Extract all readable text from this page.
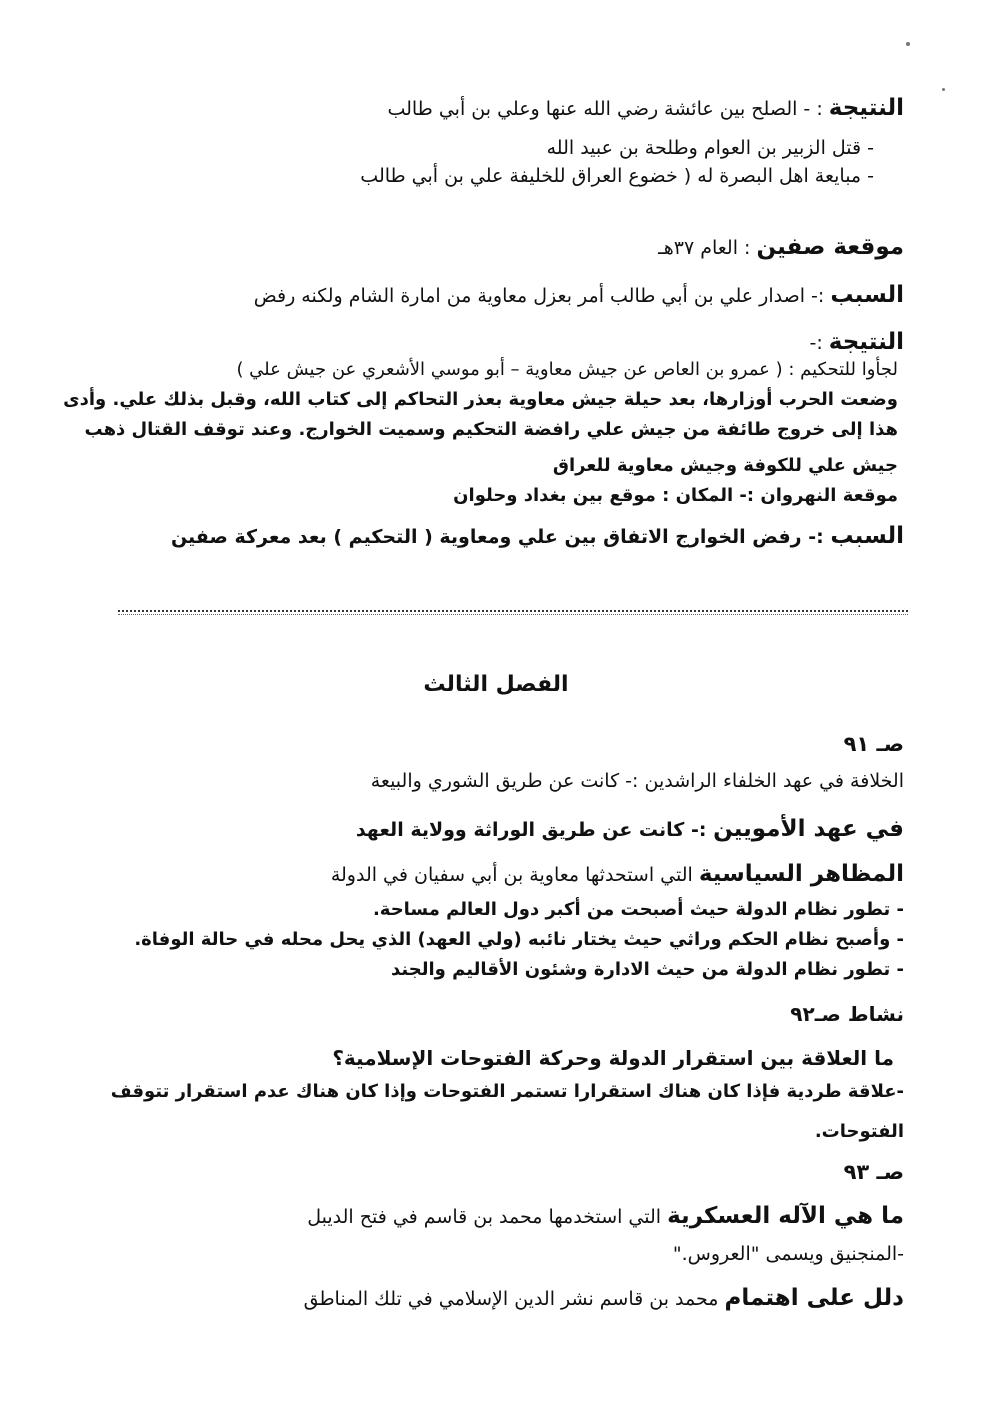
النتيجة : - الصلح بين عائشة رضي الله عنها وعلي بن أبي طالب
- قتل الزبير بن العوام وطلحة بن عبيد الله
- مبايعة اهل البصرة له ( خضوع العراق للخليفة علي بن أبي طالب
موقعة صفين : العام ٣٧هـ
السبب :- اصدار علي بن أبي طالب أمر بعزل معاوية من امارة الشام ولكنه رفض
النتيجة :-
لجأوا للتحكيم : ( عمرو بن العاص عن جيش معاوية – أبو موسي الأشعري عن جيش علي )
وضعت الحرب أوزارها، بعد حيلة جيش معاوية بعذر التحاكم إلى كتاب الله، وقبل بذلك علي. وأدى
هذا إلى خروج طائفة من جيش علي رافضة التحكيم وسميت الخوارج. وعند توقف القتال ذهب
جيش علي للكوفة وجيش معاوية للعراق
موقعة النهروان :- المكان : موقع بين بغداد وحلوان
السبب :- رفض الخوارج الاتفاق بين علي ومعاوية ( التحكيم ) بعد معركة صفين
الفصل الثالث
صـ ٩١
الخلافة في عهد الخلفاء الراشدين :- كانت عن طريق الشوري والبيعة
في عهد الأمويين :- كانت عن طريق الوراثة وولاية العهد
المظاهر السياسية التي استحدثها معاوية بن أبي سفيان في الدولة
- تطور نظام الدولة حيث أصبحت من أكبر دول العالم مساحة.
- وأصبح نظام الحكم وراثي حيث يختار نائبه (ولي العهد) الذي يحل محله في حالة الوفاة.
- تطور نظام الدولة من حيث الادارة وشئون الأقاليم والجند
نشاط صـ٩٢
ما العلاقة بين استقرار الدولة وحركة الفتوحات الإسلامية؟
-علاقة طردية فإذا كان هناك استقرارا تستمر الفتوحات وإذا كان هناك عدم استقرار تتوقف
الفتوحات.
صـ ٩٣
ما هي الآله العسكرية التي استخدمها محمد بن قاسم في فتح الديبل
-المنجنيق ويسمى "العروس."
دلل على اهتمام محمد بن قاسم نشر الدين الإسلامي في تلك المناطق
